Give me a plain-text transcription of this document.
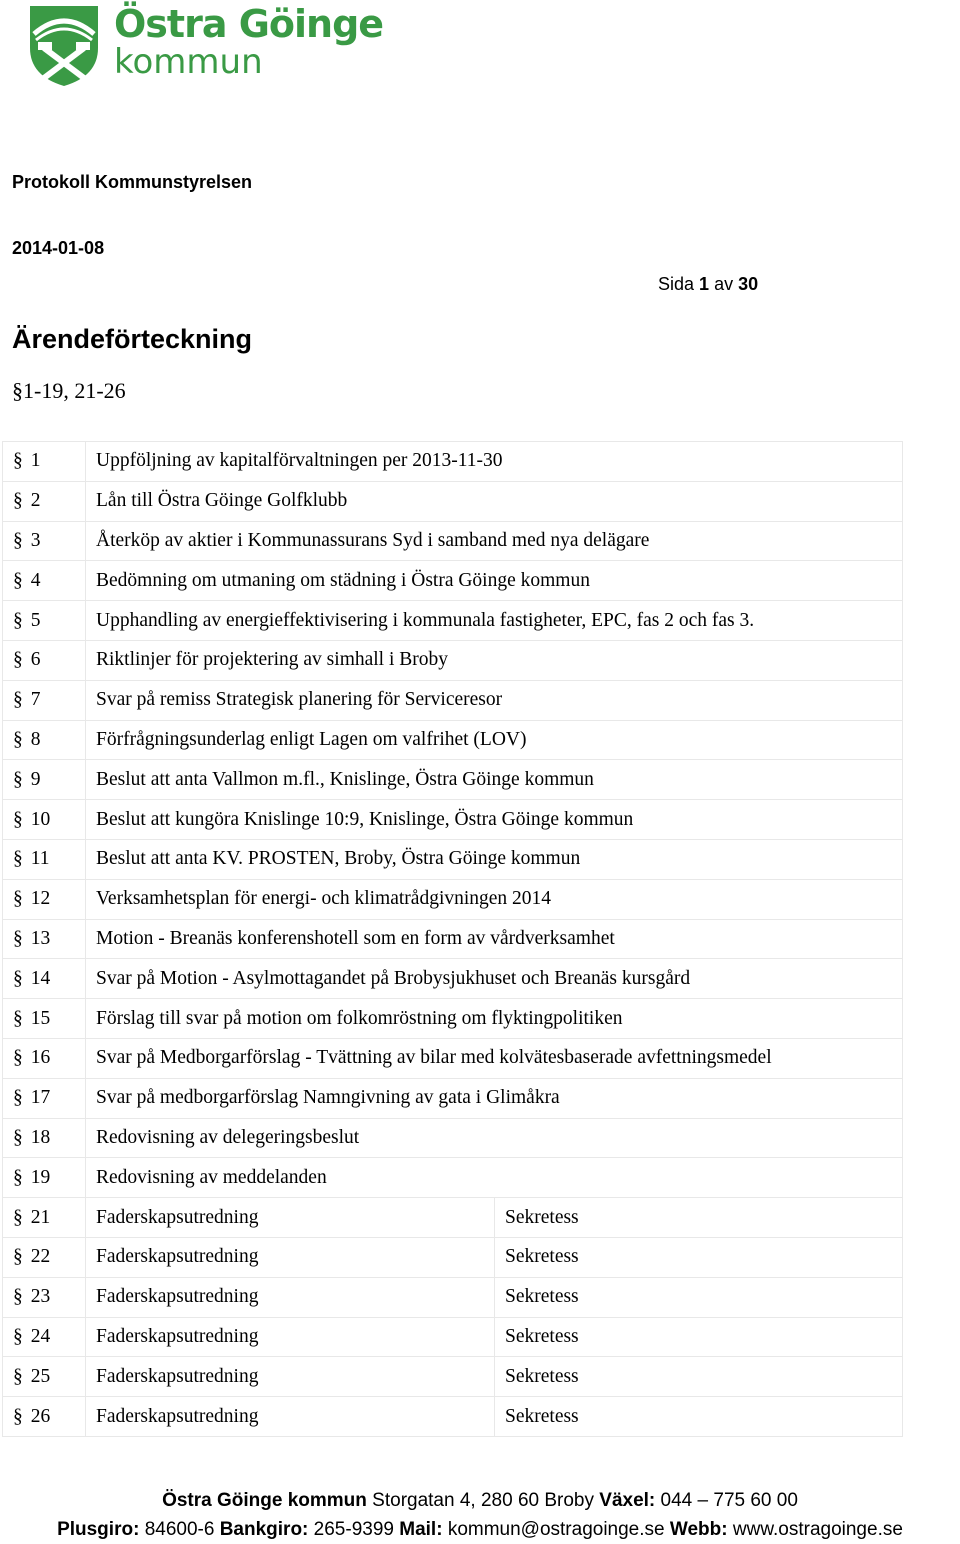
Östra Göinge
kommun
Protokoll Kommunstyrelsen
2014-01-08
Sida 1 av 30
Ärendeförteckning
§1-19, 21-26
§ 1	Uppföljning av kapitalförvaltningen per 2013-11-30	
§ 2	Lån till Östra Göinge Golfklubb	
§ 3	Återköp av aktier i Kommunassurans Syd i samband med nya delägare	
§ 4	Bedömning om utmaning om städning i Östra Göinge kommun	
§ 5	Upphandling av energieffektivisering i kommunala fastigheter, EPC, fas 2 och fas 3.	
§ 6	Riktlinjer för projektering av simhall i Broby	
§ 7	Svar på remiss Strategisk planering för Serviceresor	
§ 8	Förfrågningsunderlag enligt Lagen om valfrihet (LOV)	
§ 9	Beslut att anta Vallmon m.fl., Knislinge, Östra Göinge kommun	
§ 10	Beslut att kungöra Knislinge 10:9, Knislinge, Östra Göinge kommun	
§ 11	Beslut att anta KV. PROSTEN, Broby, Östra Göinge kommun	
§ 12	Verksamhetsplan för energi- och klimatrådgivningen 2014	
§ 13	Motion - Breanäs konferenshotell som en form av vårdverksamhet	
§ 14	Svar på Motion - Asylmottagandet på Brobysjukhuset och Breanäs kursgård	
§ 15	Förslag till svar på motion om folkomröstning om flyktingpolitiken	
§ 16	Svar på Medborgarförslag - Tvättning av bilar med kolvätesbaserade avfettningsmedel	
§ 17	Svar på medborgarförslag Namngivning av gata i Glimåkra	
§ 18	Redovisning av delegeringsbeslut	
§ 19	Redovisning av meddelanden	
§ 21	Faderskapsutredning	Sekretess
§ 22	Faderskapsutredning	Sekretess
§ 23	Faderskapsutredning	Sekretess
§ 24	Faderskapsutredning	Sekretess
§ 25	Faderskapsutredning	Sekretess
§ 26	Faderskapsutredning	Sekretess
Östra Göinge kommun Storgatan 4, 280 60 Broby Växel: 044 – 775 60 00
Plusgiro: 84600-6 Bankgiro: 265-9399 Mail: kommun@ostragoinge.se Webb: www.ostragoinge.se
